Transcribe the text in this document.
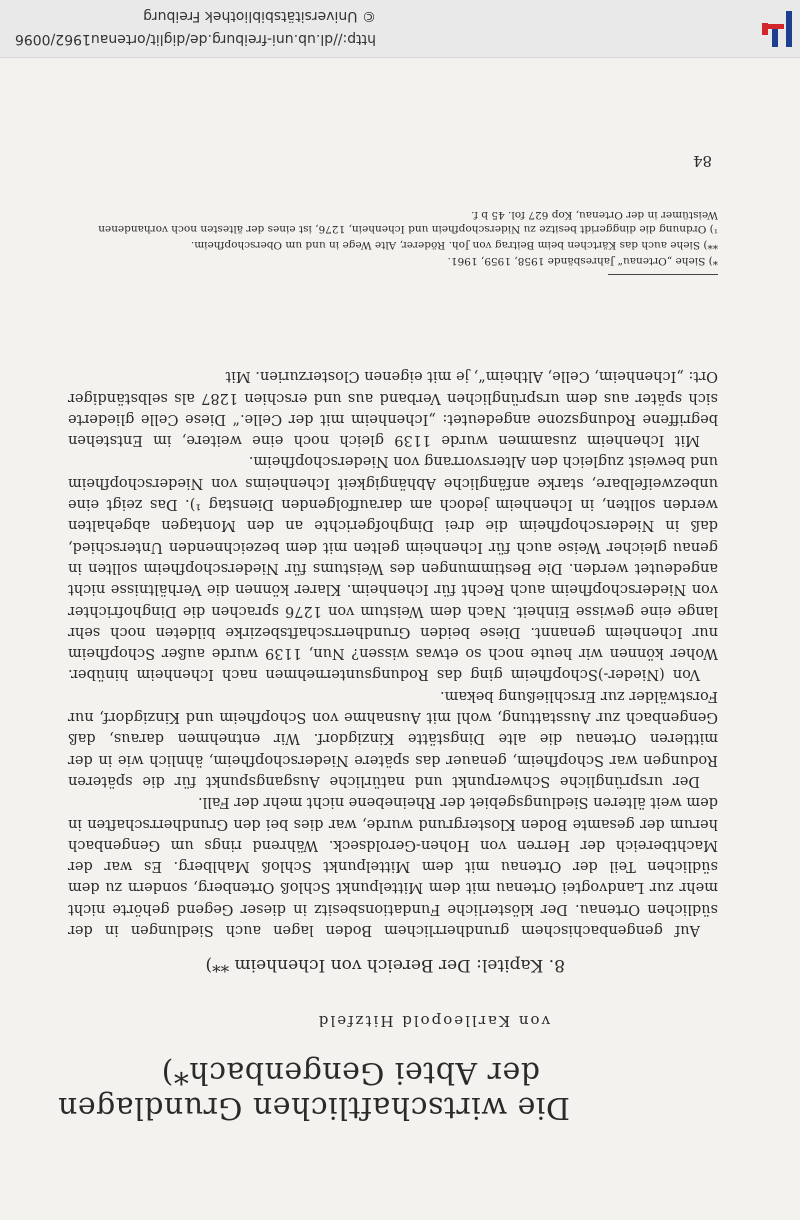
Die wirtschaftlichen Grundlagen
der Abtei Gengenbach*)
von Karlleopold Hitzfeld
8. Kapitel: Der Bereich von Ichenheim **)

Auf gengenbachischem grundherrlichem Boden lagen auch Siedlungen in der südlichen Ortenau. Der klösterliche Fundationsbesitz in dieser Gegend gehörte nicht mehr zur Landvogtei Ortenau mit dem Mittelpunkt Schloß Ortenberg, sondern zu dem südlichen Teil der Ortenau mit dem Mittelpunkt Schloß Mahlberg. Es war der Machtbereich der Herren von Hohen-Geroldseck. Während rings um Gengenbach herum der gesamte Boden Klostergrund wurde, war dies bei den Grundherrschaften in dem weit älteren Siedlungsgebiet der Rheinebene nicht mehr der Fall.

Der ursprüngliche Schwerpunkt und natürliche Ausgangspunkt für die späteren Rodungen war Schopfheim, genauer das spätere Niederschopfheim, ähnlich wie in der mittleren Ortenau die alte Dingstätte Kinzigdorf. Wir entnehmen daraus, daß Gengenbach zur Ausstattung, wohl mit Ausnahme von Schopfheim und Kinzigdorf, nur Forstwälder zur Erschließung bekam.

Von (Nieder-)Schopfheim ging das Rodungsunternehmen nach Ichenheim hinüber. Woher können wir heute noch so etwas wissen? Nun, 1139 wurde außer Schopfheim nur Ichenheim genannt. Diese beiden Grundherrschaftsbezirke bildeten noch sehr lange eine gewisse Einheit. Nach dem Weistum von 1276 sprachen die Dinghofrichter von Niederschopfheim auch Recht für Ichenheim. Klarer können die Verhältnisse nicht angedeutet werden. Die Bestimmungen des Weistums für Niederschopfheim sollten in genau gleicher Weise auch für Ichenheim gelten mit dem bezeichnenden Unterschied, daß in Niederschopfheim die drei Dinghofgerichte an den Montagen abgehalten werden sollten, in Ichenheim jedoch am darauffolgenden Dienstag ¹). Das zeigt eine unbezweifelbare, starke anfängliche Abhängigkeit Ichenheims von Niederschopfheim und beweist zugleich den Altersvorrang von Niederschopfheim.

Mit Ichenheim zusammen wurde 1139 gleich noch eine weitere, im Entstehen begriffene Rodungszone angedeutet: „Ichenheim mit der Celle.“ Diese Celle gliederte sich später aus dem ursprünglichen Verband aus und erschien 1287 als selbständiger Ort: „Ichenheim, Celle, Altheim“, je mit eigenen Closterzurien. Mit

*) Siehe „Ortenau“ Jahresbände 1958, 1959, 1961.
**) Siehe auch das Kärtchen beim Beitrag von Joh. Röderer, Alte Wege in und um Oberschopfheim.
¹) Ordnung die dinggeridt besitze zu Niderschopfhein und Ichenhein, 1276, ist eines der ältesten noch vorhandenen Weistümer in der Ortenau, Kop 627 fol. 45 b f.
84
http://dl.ub.uni-freiburg.de/diglit/ortenau1962/0096
© Universitätsbibliothek Freiburg
